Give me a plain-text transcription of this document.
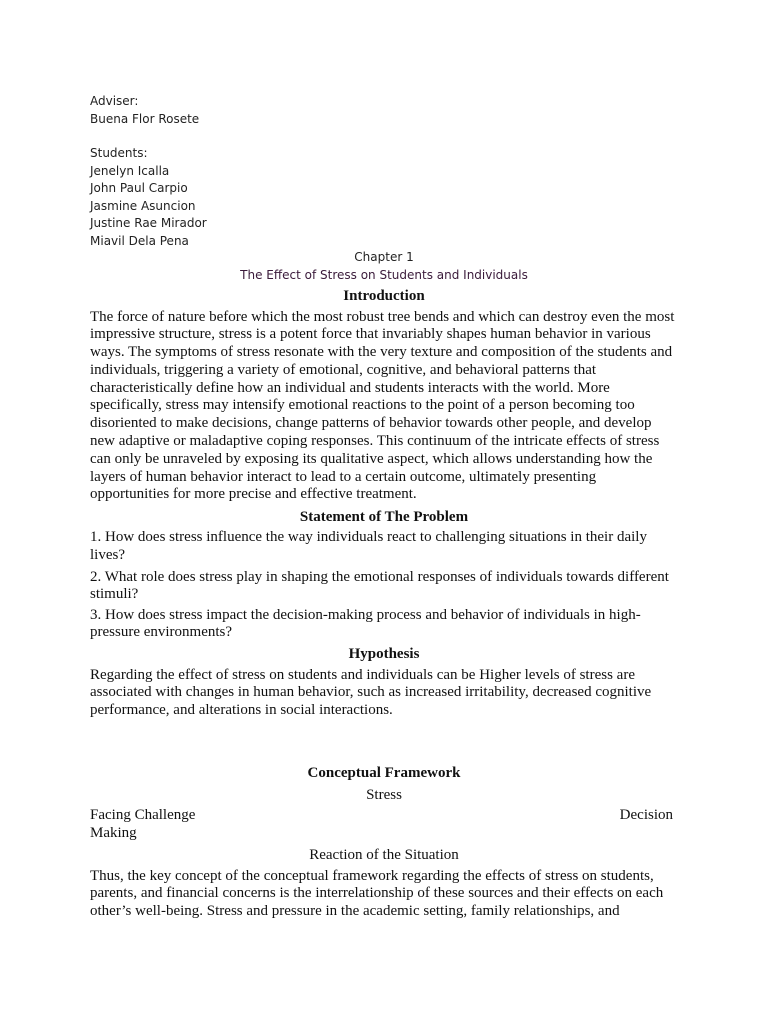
Adviser:
Buena Flor Rosete
Students:
Jenelyn Icalla
John Paul Carpio
Jasmine Asuncion
Justine Rae Mirador
Miavil Dela Pena
Chapter 1
The Effect of Stress on Students and Individuals
Introduction
The force of nature before which the most robust tree bends and which can destroy even the most
impressive structure, stress is a potent force that invariably shapes human behavior in various
ways. The symptoms of stress resonate with the very texture and composition of the students and
individuals, triggering a variety of emotional, cognitive, and behavioral patterns that
characteristically define how an individual and students interacts with the world. More
specifically, stress may intensify emotional reactions to the point of a person becoming too
disoriented to make decisions, change patterns of behavior towards other people, and develop
new adaptive or maladaptive coping responses. This continuum of the intricate effects of stress
can only be unraveled by exposing its qualitative aspect, which allows understanding how the
layers of human behavior interact to lead to a certain outcome, ultimately presenting
opportunities for more precise and effective treatment.
Statement of The Problem
1. How does stress influence the way individuals react to challenging situations in their daily
lives?
2. What role does stress play in shaping the emotional responses of individuals towards different
stimuli?
3. How does stress impact the decision-making process and behavior of individuals in high-
pressure environments?
Hypothesis
Regarding the effect of stress on students and individuals can be Higher levels of stress are
associated with changes in human behavior, such as increased irritability, decreased cognitive
performance, and alterations in social interactions.
Conceptual Framework
Stress
Facing Challenge	Decision
Making
Reaction of the Situation
Thus, the key concept of the conceptual framework regarding the effects of stress on students,
parents, and financial concerns is the interrelationship of these sources and their effects on each
other’s well-being. Stress and pressure in the academic setting, family relationships, and
